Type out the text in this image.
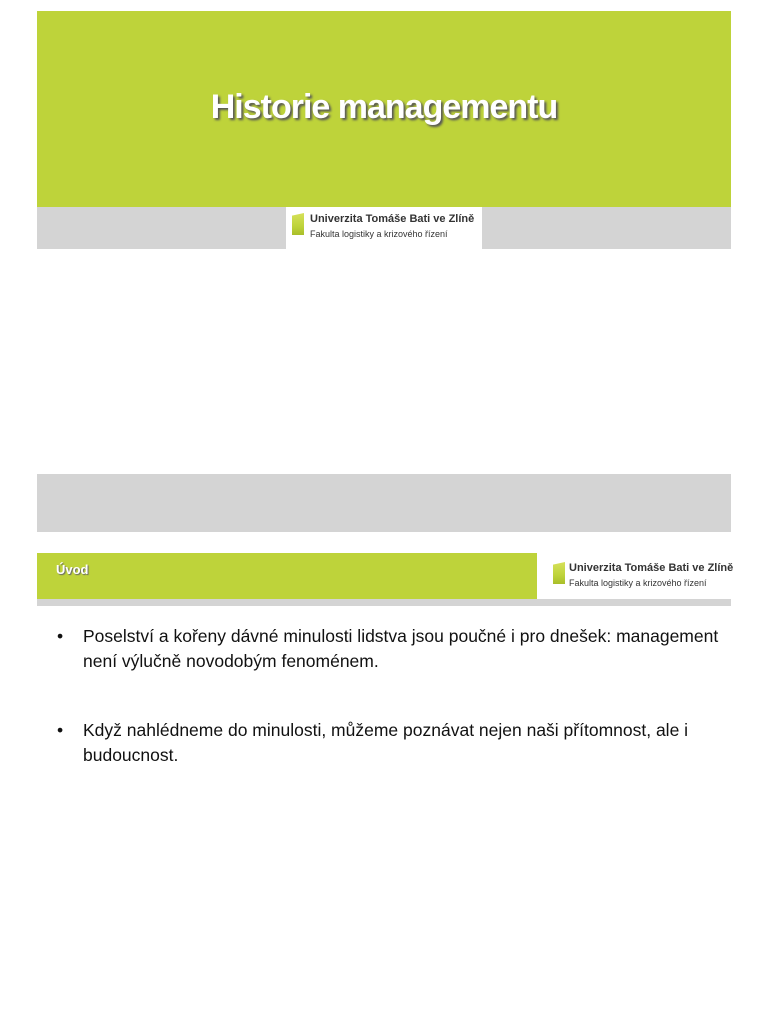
Historie managementu
Univerzita Tomáše Bati ve Zlíně
Fakulta logistiky a krizového řízení
Úvod	Univerzita Tomáše Bati ve Zlíně
Fakulta logistiky a krizového řízení
•	Poselství a kořeny dávné minulosti lidstva jsou poučné i pro dnešek: management není výlučně novodobým fenoménem.
•	Když nahlédneme do minulosti, můžeme poznávat nejen naši přítomnost, ale i budoucnost.
